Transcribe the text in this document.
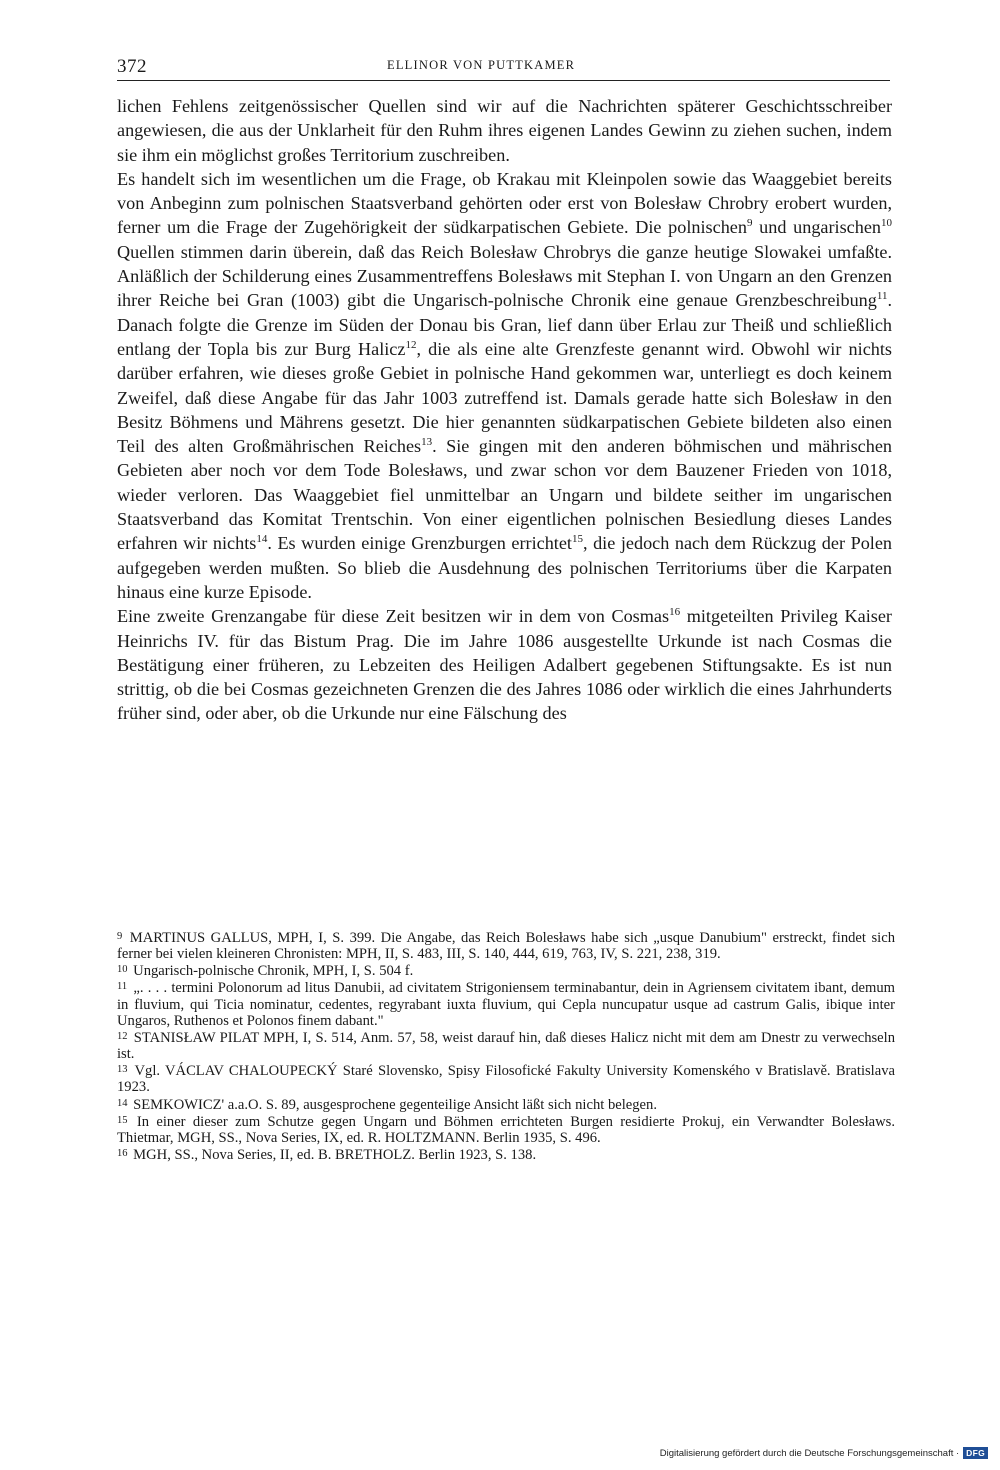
372	ELLINOR VON PUTTKAMER

lichen Fehlens zeitgenössischer Quellen sind wir auf die Nachrichten späterer Geschichtsschreiber angewiesen, die aus der Unklarheit für den Ruhm ihres eigenen Landes Gewinn zu ziehen suchen, indem sie ihm ein möglichst großes Territorium zuschreiben.

Es handelt sich im wesentlichen um die Frage, ob Krakau mit Kleinpolen sowie das Waaggebiet bereits von Anbeginn zum polnischen Staatsverband gehörten oder erst von Bolesław Chrobry erobert wurden, ferner um die Frage der Zugehörigkeit der südkarpatischen Gebiete. Die polnischen$^9$ und ungarischen$^{10}$ Quellen stimmen darin überein, daß das Reich Bolesław Chrobrys die ganze heutige Slowakei umfaßte. Anläßlich der Schilderung eines Zusammentreffens Bolesławs mit Stephan I. von Ungarn an den Grenzen ihrer Reiche bei Gran (1003) gibt die Ungarisch-polnische Chronik eine genaue Grenzbeschreibung$^{11}$. Danach folgte die Grenze im Süden der Donau bis Gran, lief dann über Erlau zur Theiß und schließlich entlang der Topla bis zur Burg Halicz$^{12}$, die als eine alte Grenzfeste genannt wird. Obwohl wir nichts darüber erfahren, wie dieses große Gebiet in polnische Hand gekommen war, unterliegt es doch keinem Zweifel, daß diese Angabe für das Jahr 1003 zutreffend ist. Damals gerade hatte sich Bolesław in den Besitz Böhmens und Mährens gesetzt. Die hier genannten südkarpatischen Gebiete bildeten also einen Teil des alten Großmährischen Reiches$^{13}$. Sie gingen mit den anderen böhmischen und mährischen Gebieten aber noch vor dem Tode Bolesławs, und zwar schon vor dem Bauzener Frieden von 1018, wieder verloren. Das Waaggebiet fiel unmittelbar an Ungarn und bildete seither im ungarischen Staatsverband das Komitat Trentschin. Von einer eigentlichen polnischen Besiedlung dieses Landes erfahren wir nichts$^{14}$. Es wurden einige Grenzburgen errichtet$^{15}$, die jedoch nach dem Rückzug der Polen aufgegeben werden mußten. So blieb die Ausdehnung des polnischen Territoriums über die Karpaten hinaus eine kurze Episode.

Eine zweite Grenzangabe für diese Zeit besitzen wir in dem von Cosmas$^{16}$ mitgeteilten Privileg Kaiser Heinrichs IV. für das Bistum Prag. Die im Jahre 1086 ausgestellte Urkunde ist nach Cosmas die Bestätigung einer früheren, zu Lebzeiten des Heiligen Adalbert gegebenen Stiftungsakte. Es ist nun strittig, ob die bei Cosmas gezeichneten Grenzen die des Jahres 1086 oder wirklich die eines Jahrhunderts früher sind, oder aber, ob die Urkunde nur eine Fälschung des

$^9$ MARTINUS GALLUS, MPH, I, S. 399. Die Angabe, das Reich Bolesławs habe sich „usque Danubium" erstreckt, findet sich ferner bei vielen kleineren Chronisten: MPH, II, S. 483, III, S. 140, 444, 619, 763, IV, S. 221, 238, 319.

$^{10}$ Ungarisch-polnische Chronik, MPH, I, S. 504 f.

$^{11}$ „. . . . termini Polonorum ad litus Danubii, ad civitatem Strigoniensem terminabantur, dein in Agriensem civitatem ibant, demum in fluvium, qui Ticia nominatur, cedentes, regyrabant iuxta fluvium, qui Cepla nuncupatur usque ad castrum Galis, ibique inter Ungaros, Ruthenos et Polonos finem dabant."

$^{12}$ STANISŁAW PILAT MPH, I, S. 514, Anm. 57, 58, weist darauf hin, daß dieses Halicz nicht mit dem am Dnestr zu verwechseln ist.

$^{13}$ Vgl. VÁCLAV CHALOUPECKÝ Staré Slovensko, Spisy Filosofické Fakulty University Komenského v Bratislavě. Bratislava 1923.

$^{14}$ SEMKOWICZ' a.a.O. S. 89, ausgesprochene gegenteilige Ansicht läßt sich nicht belegen.

$^{15}$ In einer dieser zum Schutze gegen Ungarn und Böhmen errichteten Burgen residierte Prokuj, ein Verwandter Bolesławs. Thietmar, MGH, SS., Nova Series, IX, ed. R. HOLTZMANN. Berlin 1935, S. 496.

$^{16}$ MGH, SS., Nova Series, II, ed. B. BRETHOLZ. Berlin 1923, S. 138.

Digitalisierung gefördert durch die Deutsche Forschungsgemeinschaft · DFG
